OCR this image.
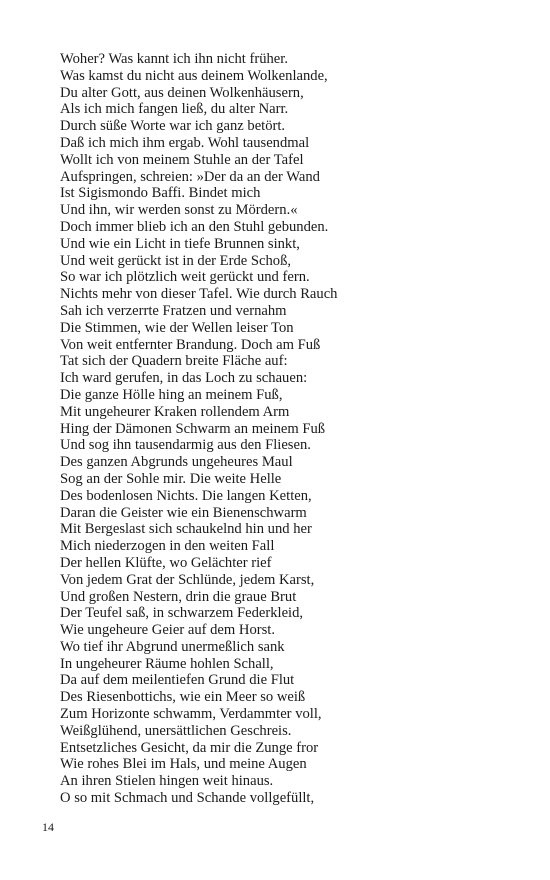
Woher? Was kannt ich ihn nicht früher.
Was kamst du nicht aus deinem Wolkenlande,
Du alter Gott, aus deinen Wolkenhäusern,
Als ich mich fangen ließ, du alter Narr.
Durch süße Worte war ich ganz betört.
Daß ich mich ihm ergab. Wohl tausendmal
Wollt ich von meinem Stuhle an der Tafel
Aufspringen, schreien: »Der da an der Wand
Ist Sigismondo Baffi. Bindet mich
Und ihn, wir werden sonst zu Mördern.«
Doch immer blieb ich an den Stuhl gebunden.
Und wie ein Licht in tiefe Brunnen sinkt,
Und weit gerückt ist in der Erde Schoß,
So war ich plötzlich weit gerückt und fern.
Nichts mehr von dieser Tafel. Wie durch Rauch
Sah ich verzerrte Fratzen und vernahm
Die Stimmen, wie der Wellen leiser Ton
Von weit entfernter Brandung. Doch am Fuß
Tat sich der Quadern breite Fläche auf:
Ich ward gerufen, in das Loch zu schauen:
Die ganze Hölle hing an meinem Fuß,
Mit ungeheurer Kraken rollendem Arm
Hing der Dämonen Schwarm an meinem Fuß
Und sog ihn tausendarmig aus den Fliesen.
Des ganzen Abgrunds ungeheures Maul
Sog an der Sohle mir. Die weite Helle
Des bodenlosen Nichts. Die langen Ketten,
Daran die Geister wie ein Bienenschwarm
Mit Bergeslast sich schaukelnd hin und her
Mich niederzogen in den weiten Fall
Der hellen Klüfte, wo Gelächter rief
Von jedem Grat der Schlünde, jedem Karst,
Und großen Nestern, drin die graue Brut
Der Teufel saß, in schwarzem Federkleid,
Wie ungeheure Geier auf dem Horst.
Wo tief ihr Abgrund unermeßlich sank
In ungeheurer Räume hohlen Schall,
Da auf dem meilentiefen Grund die Flut
Des Riesenbottichs, wie ein Meer so weiß
Zum Horizonte schwamm, Verdammter voll,
Weißglühend, unersättlichen Geschreis.
Entsetzliches Gesicht, da mir die Zunge fror
Wie rohes Blei im Hals, und meine Augen
An ihren Stielen hingen weit hinaus.
O so mit Schmach und Schande vollgefüllt,
14
